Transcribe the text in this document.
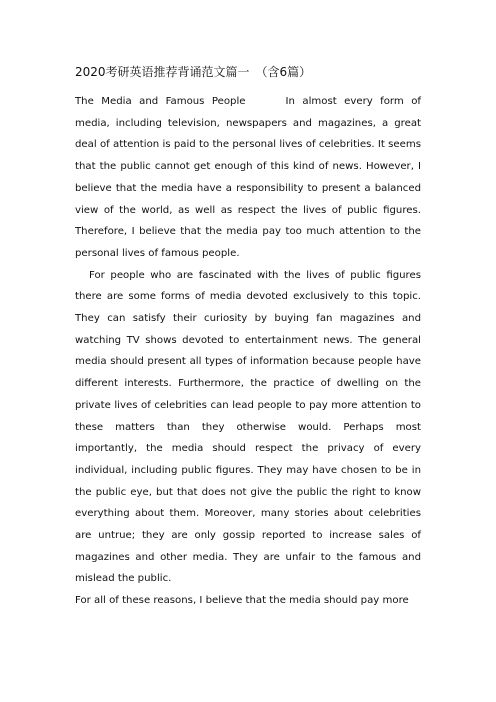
2020考研英语推荐背诵范文篇一　（含6篇）

The Media and Famous People	In almost every form of media, including television, newspapers and magazines, a great deal of attention is paid to the personal lives of celebrities. It seems that the public cannot get enough of this kind of news. However, I believe that the media have a responsibility to present a balanced view of the world, as well as respect the lives of public figures. Therefore, I believe that the media pay too much attention to the personal lives of famous people.

For people who are fascinated with the lives of public figures there are some forms of media devoted exclusively to this topic. They can satisfy their curiosity by buying fan magazines and watching TV shows devoted to entertainment news. The general media should present all types of information because people have different interests. Furthermore, the practice of dwelling on the private lives of celebrities can lead people to pay more attention to these matters than they otherwise would. Perhaps most importantly, the media should respect the privacy of every individual, including public figures. They may have chosen to be in the public eye, but that does not give the public the right to know everything about them. Moreover, many stories about celebrities are untrue; they are only gossip reported to increase sales of magazines and other media. They are unfair to the famous and mislead the public.

For all of these reasons, I believe that the media should pay more
